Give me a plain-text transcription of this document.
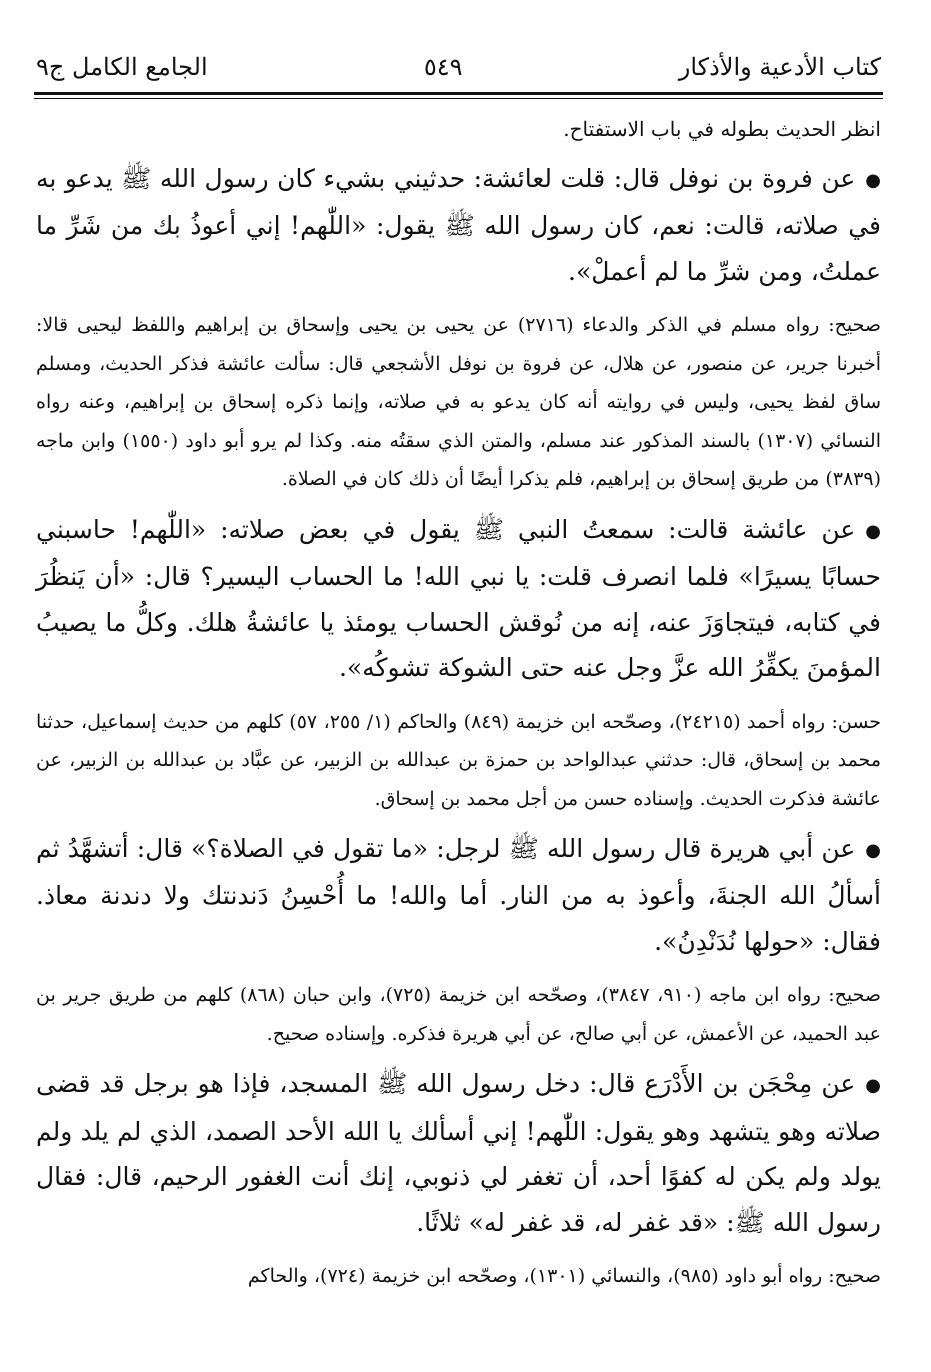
كتاب الأدعية والأذكار
٥٤٩
الجامع الكامل ج٩

انظر الحديث بطوله في باب الاستفتاح.

●عن فروة بن نوفل قال: قلت لعائشة: حدثيني بشيء كان رسول الله ﷺ يدعو به في صلاته، قالت: نعم، كان رسول الله ﷺ يقول: «اللّٰهم! إني أعوذُ بك من شَرِّ ما عملتُ، ومن شرِّ ما لم أعملْ».

صحيح: رواه مسلم في الذكر والدعاء (٢٧١٦) عن يحيى بن يحيى وإسحاق بن إبراهيم واللفظ ليحيى قالا: أخبرنا جرير، عن منصور، عن هلال، عن فروة بن نوفل الأشجعي قال: سألت عائشة فذكر الحديث، ومسلم ساق لفظ يحيى، وليس في روايته أنه كان يدعو به في صلاته، وإنما ذكره إسحاق بن إبراهيم، وعنه رواه النسائي (١٣٠٧) بالسند المذكور عند مسلم، والمتن الذي سقتُه منه. وكذا لم يرو أبو داود (١٥٥٠) وابن ماجه (٣٨٣٩) من طريق إسحاق بن إبراهيم، فلم يذكرا أيضًا أن ذلك كان في الصلاة.

●عن عائشة قالت: سمعتُ النبي ﷺ يقول في بعض صلاته: «اللّٰهم! حاسبني حسابًا يسيرًا» فلما انصرف قلت: يا نبي الله! ما الحساب اليسير؟ قال: «أن يَنظُرَ في كتابه، فيتجاوَزَ عنه، إنه من نُوقش الحساب يومئذ يا عائشةُ هلك. وكلُّ ما يصيبُ المؤمنَ يكفِّرُ الله عزَّ وجل عنه حتى الشوكة تشوكُه».

حسن: رواه أحمد (٢٤٢١٥)، وصحّحه ابن خزيمة (٨٤٩) والحاكم (١/ ٢٥٥، ٥٧) كلهم من حديث إسماعيل، حدثنا محمد بن إسحاق، قال: حدثني عبدالواحد بن حمزة بن عبدالله بن الزبير، عن عبَّاد بن عبدالله بن الزبير، عن عائشة فذكرت الحديث. وإسناده حسن من أجل محمد بن إسحاق.

●عن أبي هريرة قال رسول الله ﷺ لرجل: «ما تقول في الصلاة؟» قال: أتشهَّدُ ثم أسألُ الله الجنةَ، وأعوذ به من النار. أما والله! ما أُحْسِنُ دَندنتك ولا دندنة معاذ. فقال: «حولها نُدَنْدِنُ».

صحيح: رواه ابن ماجه (٩١٠، ٣٨٤٧)، وصحّحه ابن خزيمة (٧٢٥)، وابن حبان (٨٦٨) كلهم من طريق جرير بن عبد الحميد، عن الأعمش، عن أبي صالح، عن أبي هريرة فذكره. وإسناده صحيح.

●عن مِحْجَن بن الأَدْرَع قال: دخل رسول الله ﷺ المسجد، فإذا هو برجل قد قضى صلاته وهو يتشهد وهو يقول: اللّٰهم! إني أسألك يا الله الأحد الصمد، الذي لم يلد ولم يولد ولم يكن له كفوًا أحد، أن تغفر لي ذنوبي، إنك أنت الغفور الرحيم، قال: فقال رسول الله ﷺ: «قد غفر له، قد غفر له» ثلاثًا.

صحيح: رواه أبو داود (٩٨٥)، والنسائي (١٣٠١)، وصحّحه ابن خزيمة (٧٢٤)، والحاكم
